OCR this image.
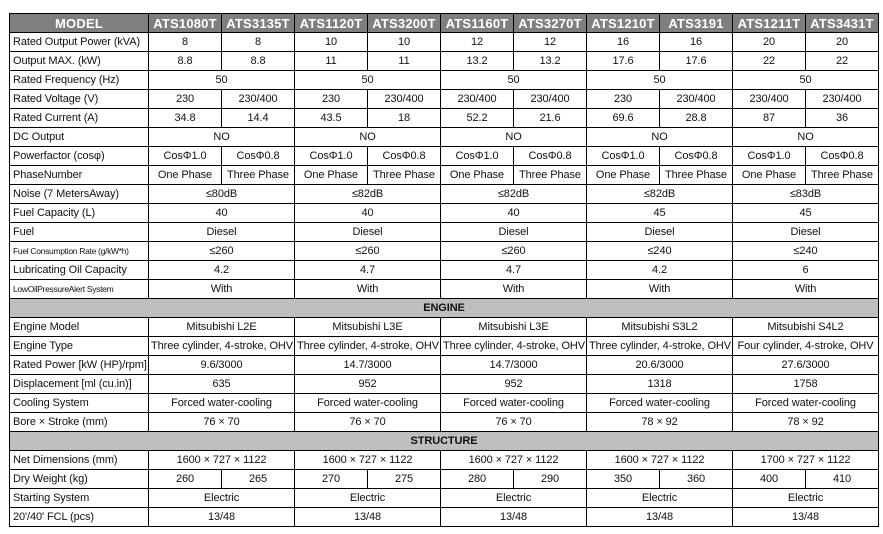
MODEL	ATS1080T	ATS3135T	ATS1120T	ATS3200T	ATS1160T	ATS3270T	ATS1210T	ATS3191	ATS1211T	ATS3431T
Rated Output Power (kVA)	8	8	10	10	12	12	16	16	20	20
Output MAX. (kW)	8.8	8.8	11	11	13.2	13.2	17.6	17.6	22	22
Rated Frequency (Hz)	50		50		50		50		50	
Rated Voltage (V)	230	230/400	230	230/400	230/400	230/400	230	230/400	230/400	230/400
Rated Current (A)	34.8	14.4	43.5	18	52.2	21.6	69.6	28.8	87	36
DC Output	NO		NO		NO		NO		NO	
Powerfactor (cosφ)	CosΦ1.0	CosΦ0.8	CosΦ1.0	CosΦ0.8	CosΦ1.0	CosΦ0.8	CosΦ1.0	CosΦ0.8	CosΦ1.0	CosΦ0.8
PhaseNumber	One Phase	Three Phase	One Phase	Three Phase	One Phase	Three Phase	One Phase	Three Phase	One Phase	Three Phase
Noise (7 MetersAway)	≤80dB		≤82dB		≤82dB		≤82dB		≤83dB	
Fuel Capacity (L)	40		40		40		45		45	
Fuel	Diesel		Diesel		Diesel		Diesel		Diesel	
Fuel Consumption Rate (g/kW*h)	≤260		≤260		≤260		≤240		≤240	
Lubricating Oil Capacity	4.2		4.7		4.7		4.2		6	
LowOilPressureAlert System	With		With		With		With		With	
ENGINE										
Engine Model	Mitsubishi L2E		Mitsubishi L3E		Mitsubishi L3E		Mitsubishi S3L2		Mitsubishi S4L2	
Engine Type	Three cylinder, 4-stroke, OHV		Three cylinder, 4-stroke, OHV		Three cylinder, 4-stroke, OHV		Three cylinder, 4-stroke, OHV		Four cylinder, 4-stroke, OHV	
Rated Power [kW (HP)/rpm]	9.6/3000		14.7/3000		14.7/3000		20.6/3000		27.6/3000	
Displacement [ml (cu.in)]	635		952		952		1318		1758	
Cooling System	Forced water-cooling		Forced water-cooling		Forced water-cooling		Forced water-cooling		Forced water-cooling	
Bore × Stroke (mm)	76 × 70		76 × 70		76 × 70		78 × 92		78 × 92	
STRUCTURE										
Net Dimensions (mm)	1600 × 727 × 1122		1600 × 727 × 1122		1600 × 727 × 1122		1600 × 727 × 1122		1700 × 727 × 1122	
Dry Weight (kg)	260	265	270	275	280	290	350	360	400	410
Starting System	Electric		Electric		Electric		Electric		Electric	
20'/40' FCL (pcs)	13/48		13/48		13/48		13/48		13/48	
